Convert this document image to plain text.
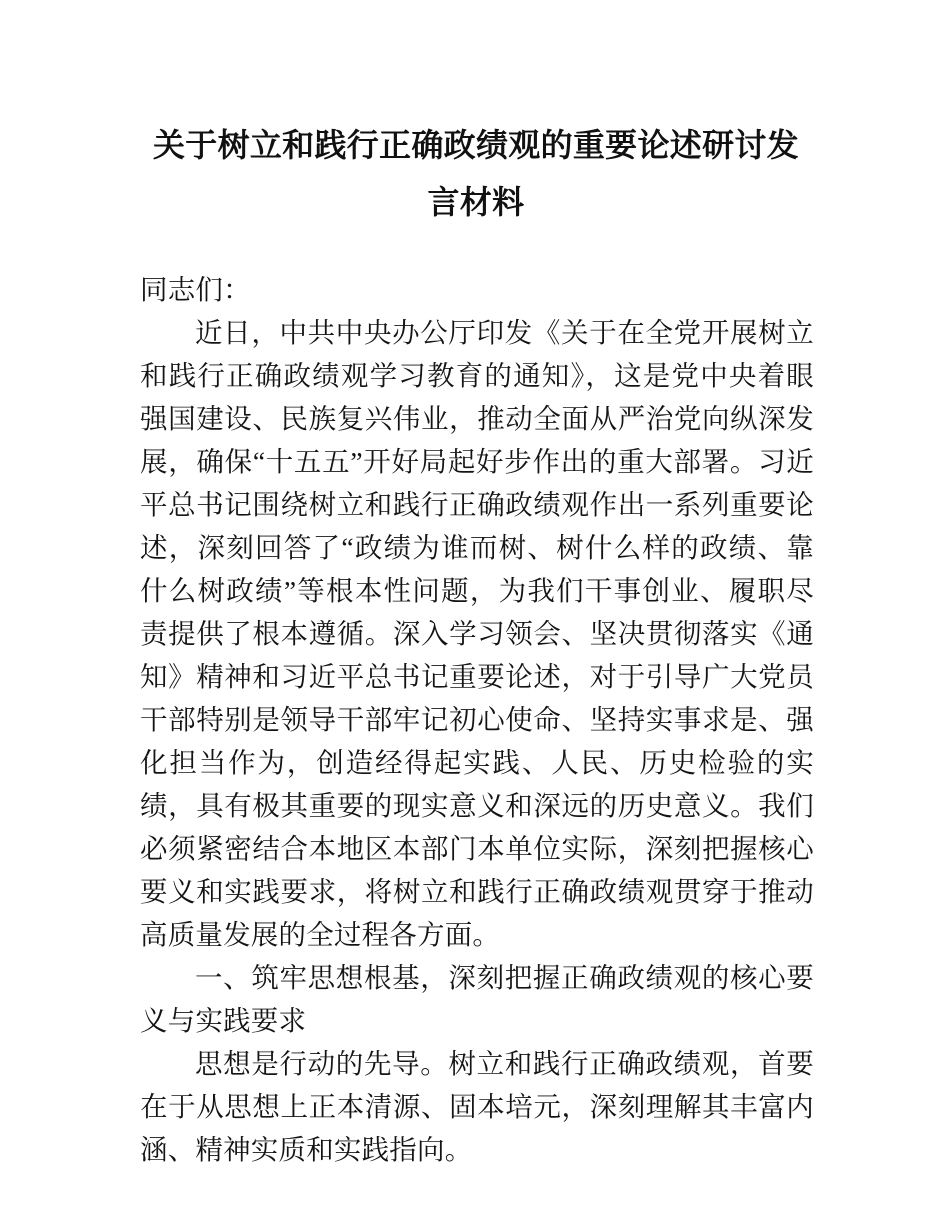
关于树立和践行正确政绩观的重要论述研讨发言材料

同志们：

近日，中共中央办公厅印发《关于在全党开展树立和践行正确政绩观学习教育的通知》，这是党中央着眼强国建设、民族复兴伟业，推动全面从严治党向纵深发展，确保“十五五”开好局起好步作出的重大部署。习近平总书记围绕树立和践行正确政绩观作出一系列重要论述，深刻回答了“政绩为谁而树、树什么样的政绩、靠什么树政绩”等根本性问题，为我们干事创业、履职尽责提供了根本遵循。深入学习领会、坚决贯彻落实《通知》精神和习近平总书记重要论述，对于引导广大党员干部特别是领导干部牢记初心使命、坚持实事求是、强化担当作为，创造经得起实践、人民、历史检验的实绩，具有极其重要的现实意义和深远的历史意义。我们必须紧密结合本地区本部门本单位实际，深刻把握核心要义和实践要求，将树立和践行正确政绩观贯穿于推动高质量发展的全过程各方面。

一、筑牢思想根基，深刻把握正确政绩观的核心要义与实践要求

思想是行动的先导。树立和践行正确政绩观，首要在于从思想上正本清源、固本培元，深刻理解其丰富内涵、精神实质和实践指向。
